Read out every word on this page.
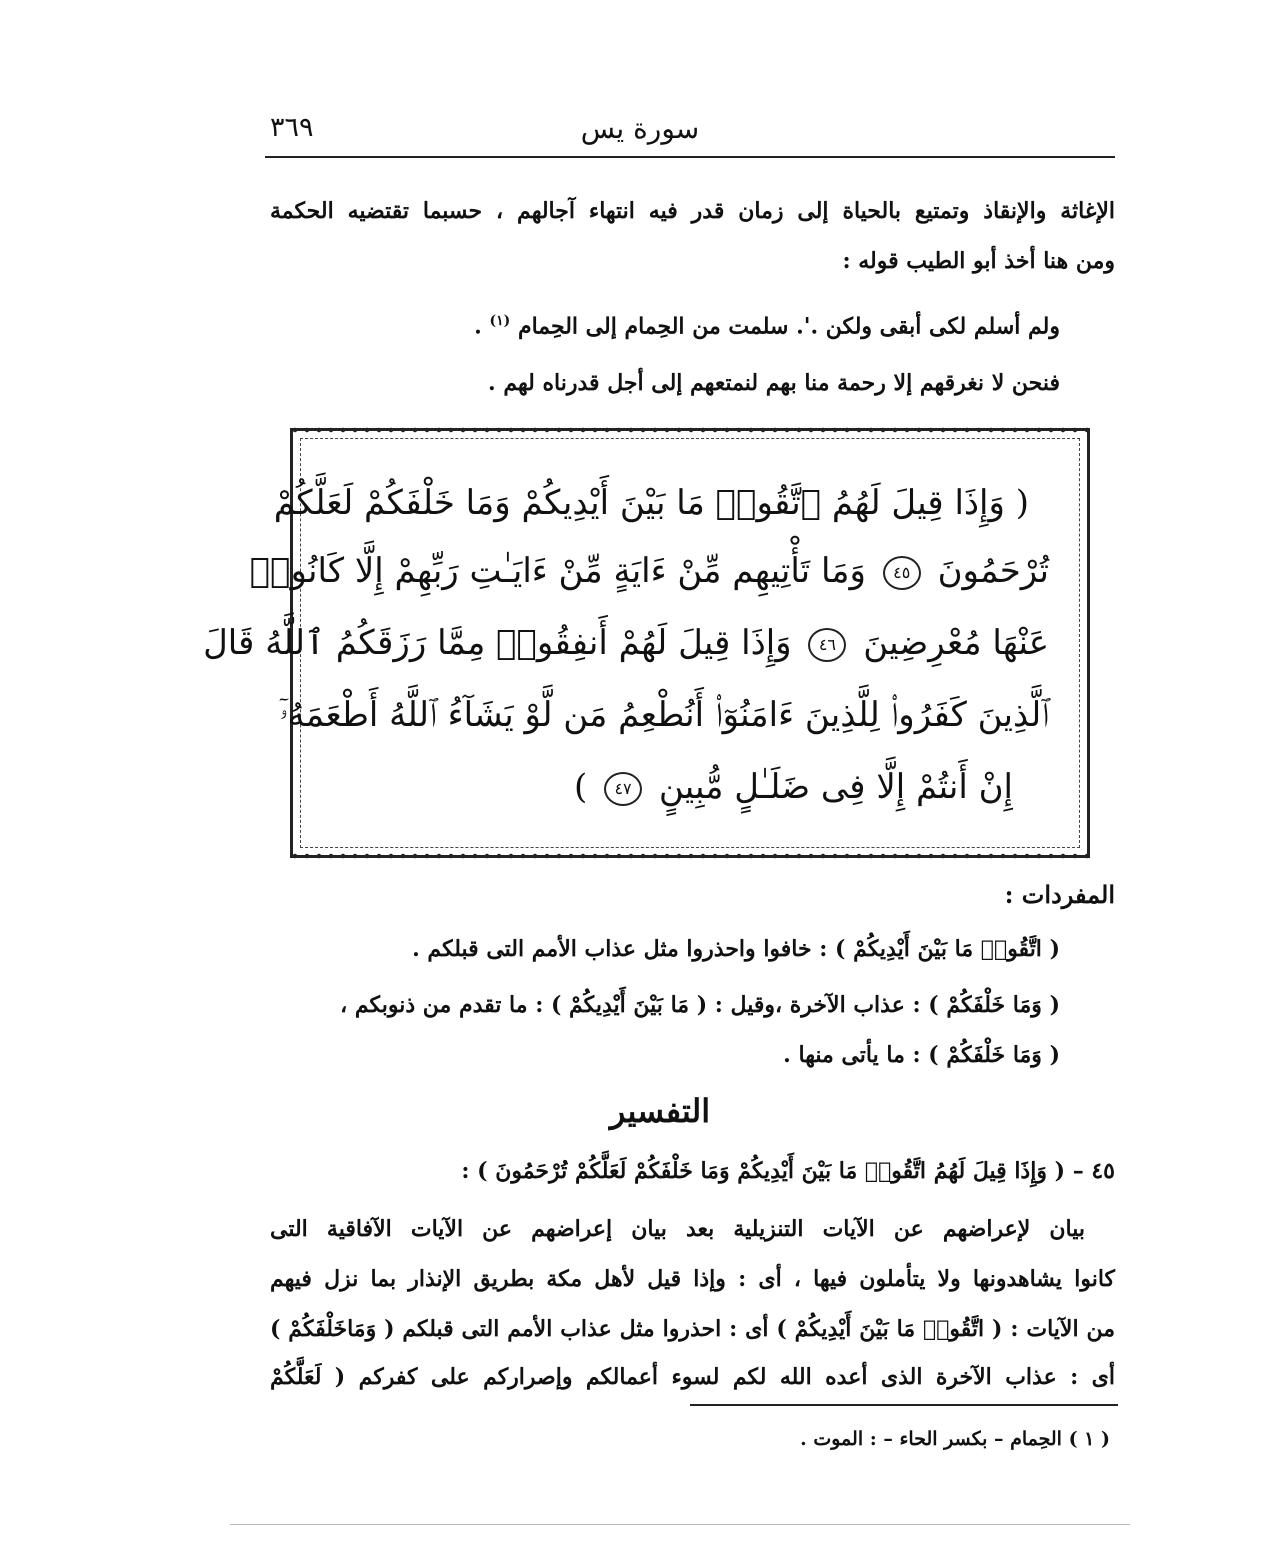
سورة يس
٣٦٩
الإغاثة والإنقاذ وتمتيع بالحياة إلى زمان قدر فيه انتهاء آجالهم ، حسبما تقتضيه الحكمة
ومن هنا أخذ أبو الطيب قوله :
ولم أسلم لكى أبقى ولكن .'. سلمت من الحِمام إلى الحِمام $^{(١)}$ .
فنحن لا نغرقهم إلا رحمة منا بهم لنمتعهم إلى أجل قدرناه لهم .
( وَإِذَا قِيلَ لَهُمُ ٱتَّقُوا۟ مَا بَيْنَ أَيْدِيكُمْ وَمَا خَلْفَكُمْ لَعَلَّكُمْ
تُرْحَمُونَ ٤٥ وَمَا تَأْتِيهِم مِّنْ ءَايَةٍ مِّنْ ءَايَـٰتِ رَبِّهِمْ إِلَّا كَانُوا۟
عَنْهَا مُعْرِضِينَ ٤٦ وَإِذَا قِيلَ لَهُمْ أَنفِقُوا۟ مِمَّا رَزَقَكُمُ ٱللَّهُ قَالَ
ٱلَّذِينَ كَفَرُوا۟ لِلَّذِينَ ءَامَنُوٓا۟ أَنُطْعِمُ مَن لَّوْ يَشَآءُ ٱللَّهُ أَطْعَمَهُۥٓ
إِنْ أَنتُمْ إِلَّا فِى ضَلَـٰلٍ مُّبِينٍ ٤٧ )
المفردات :
( اتَّقُوا۟ مَا بَيْنَ أَيْدِيكُمْ ) : خافوا واحذروا مثل عذاب الأمم التى قبلكم .
( وَمَا خَلْفَكُمْ ) : عذاب الآخرة ،وقيل : ( مَا بَيْنَ أَيْدِيكُمْ ) : ما تقدم من ذنوبكم ،
( وَمَا خَلْفَكُمْ ) : ما يأتى منها .
التفسير
٤٥ – ( وَإِذَا قِيلَ لَهُمُ اتَّقُوا۟ مَا بَيْنَ أَيْدِيكُمْ وَمَا خَلْفَكُمْ لَعَلَّكُمْ تُرْحَمُونَ ) :
بيان لإعراضهم عن الآيات التنزيلية بعد بيان إعراضهم عن الآيات الآفاقية التى
كانوا يشاهدونها ولا يتأملون فيها ، أى : وإذا قيل لأهل مكة بطريق الإنذار بما نزل فيهم
من الآيات : ( اتَّقُوا۟ مَا بَيْنَ أَيْدِيكُمْ ) أى : احذروا مثل عذاب الأمم التى قبلكم ( وَمَاخَلْفَكُمْ )
أى : عذاب الآخرة الذى أعده الله لكم لسوء أعمالكم وإصراركم على كفركم ( لَعَلَّكُمْ
( ١ ) الحِمام – بكسر الحاء – : الموت .
